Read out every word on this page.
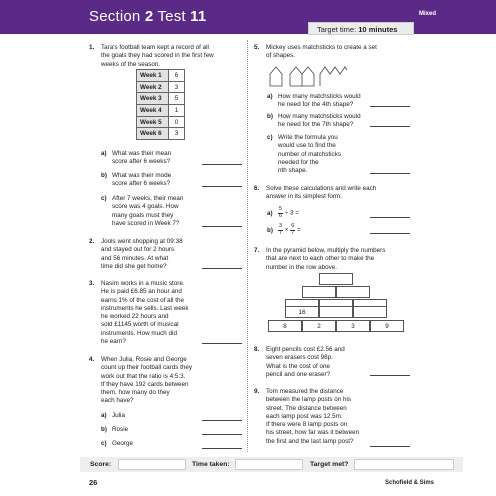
Section 2 Test 11	Mixed
Target time: 10 minutes
1. Tara's football team kept a record of all
the goals they had scored in the first few
weeks of the season.
Week 1	6
Week 2	3
Week 3	5
Week 4	1
Week 5	0
Week 6	3
a) What was their mean
score after 6 weeks?
b) What was their mode
score after 6 weeks?
c) After 7 weeks, their mean
score was 4 goals. How
many goals must they
have scored in Week 7?
2. Jools went shopping at 09:38
and stayed out for 2 hours
and 56 minutes. At what
time did she get home?
3. Nasim works in a music store.
He is paid £6.85 an hour and
earns 1% of the cost of all the
instruments he sells. Last week
he worked 22 hours and
sold £1145 worth of musical
instruments. How much did
he earn?
4. When Julia, Rosie and George
count up their football cards they
work out that the ratio is 4:5:3.
If they have 192 cards between
them, how many do they
each have?
a) Julia
b) Rosie
c) George
5. Mickey uses matchsticks to create a set
of shapes.
a) How many matchsticks would
he need for the 4th shape?
b) How many matchsticks would
he need for the 7th shape?
c) Write the formula you
would use to find the
number of matchsticks
needed for the
nth shape.
6. Solve these calculations and write each
answer in its simplest form.
$a) \frac{5}{6} \div 3$ =
$b) \frac{3}{7} \times \frac{6}{7}$ =
7. In the pyramid below, multiply the numbers
that are next to each other to make the
number in the row above.
16
8	2	3	9
8. Eight pencils cost £2.56 and
seven erasers cost 98p.
What is the cost of one
pencil and one eraser?
9. Tom measured the distance
between the lamp posts on his
street. The distance between
each lamp post was 12.5m.
If there were 8 lamp posts on
his street, how far was it between
the first and the last lamp post?
Score:	Time taken:	Target met?
26	Schofield & Sims
